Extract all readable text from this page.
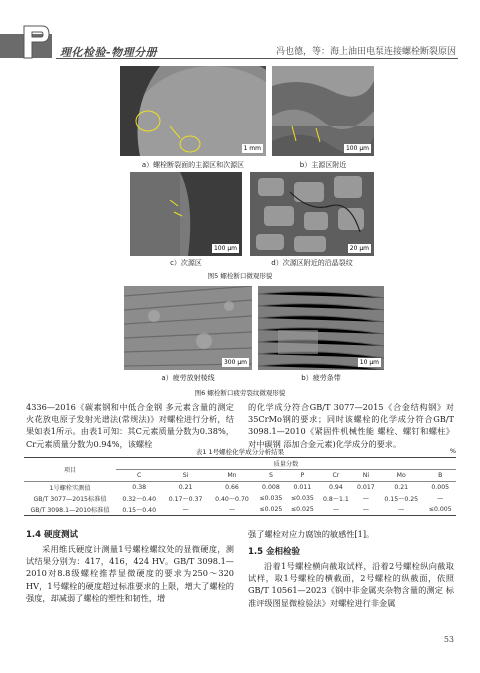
理化检验-物理分册	冯也德，等：海上油田电泵连接螺栓断裂原因
1 mm
a）螺栓断裂面的主源区和次源区
100 μm
b）主源区附近
100 μm
c）次源区
20 μm
d）次源区附近的沿晶裂纹
图5 螺栓断口微观形貌
300 μm
a）疲劳放射棱线
10 μm
b）疲劳条带
图6 螺栓断口疲劳裂纹微观形貌
4336—2016《碳素钢和中低合金钢 多元素含量的测定 火花放电原子发射光谱法(常规法)》对螺栓进行分析，结果如表1所示。由表1可知：其C元素质量分数为0.38%，Cr元素质量分数为0.94%，该螺栓
的化学成分符合GB/T 3077—2015《合金结构钢》对35CrMo钢的要求；同时该螺栓的化学成分符合GB/T 3098.1—2010《紧固件机械性能 螺栓、螺钉和螺柱》对中碳钢 添加合金元素)化学成分的要求。
表1 1号螺栓化学成分分析结果	%
项目	质量分数								
	C	Si	Mn	S	P	Cr	Ni	Mo	B
1号螺栓实测值	0.38	0.21	0.66	0.008	0.011	0.94	0.017	0.21	0.005
GB/T 3077—2015标准值	0.32～0.40	0.17～0.37	0.40～0.70	≤0.035	≤0.035	0.8～1.1	—	0.15～0.25	—
GB/T 3098.1—2010标准值	0.15～0.40	—	—	≤0.025	≤0.025	—	—	—	≤0.005
1.4 硬度测试
采用维氏硬度计测量1号螺栓螺纹处的显微硬度，测试结果分别为：417，416，424 HV。GB/T 3098.1—2010对8.8级螺栓推荐显微硬度的要求为250～320 HV，1号螺栓的硬度超过标准要求的上限，增大了螺栓的强度，却减弱了螺栓的塑性和韧性，增
强了螺栓对应力腐蚀的敏感性[1]。
1.5 金相检验
沿着1号螺栓横向截取试样，沿着2号螺栓纵向截取试样，取1号螺栓的横截面，2号螺栓的纵截面，依照GB/T 10561—2023《钢中非金属夹杂物含量的测定 标准评级图显微检验法》对螺栓进行非金属
53
